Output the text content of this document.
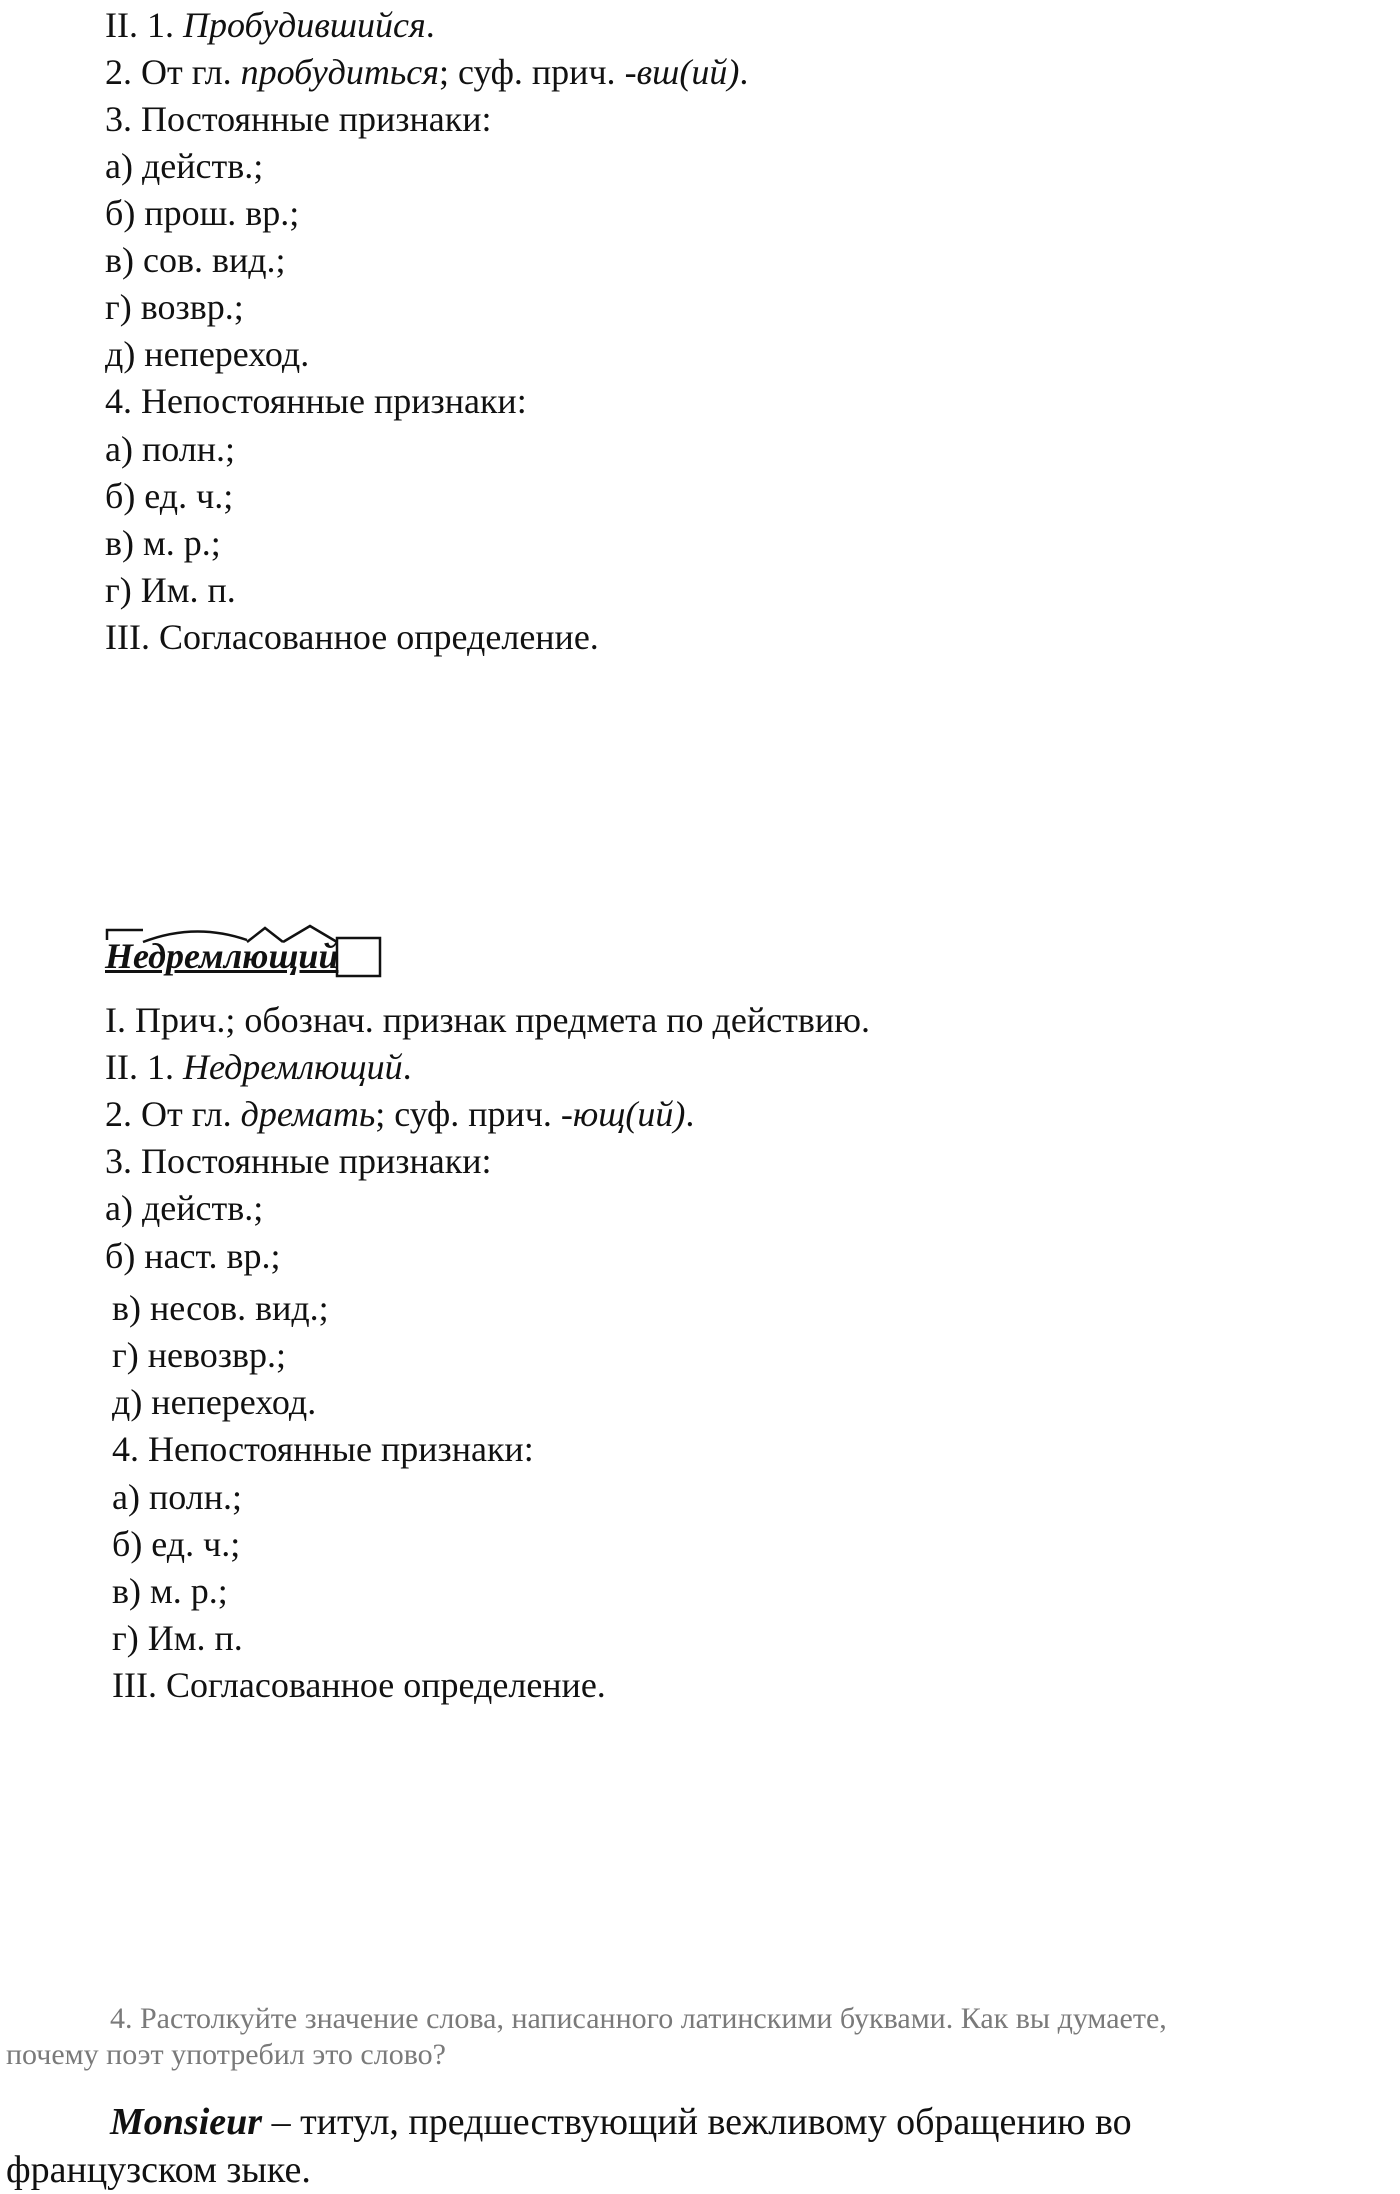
II. 1. Пробудившийся.
2. От гл. пробудиться; суф. прич. -вш(ий).
3. Постоянные признаки:
а) действ.;
б) прош. вр.;
в) сов. вид.;
г) возвр.;
д) непереход.
4. Непостоянные признаки:
а) полн.;
б) ед. ч.;
в) м. р.;
г) Им. п.
III. Согласованное определение.
Недремлющий
I. Прич.; обознач. признак предмета по действию.
II. 1. Недремлющий.
2. От гл. дремать; суф. прич. -ющ(ий).
3. Постоянные признаки:
а) действ.;
б) наст. вр.;
в) несов. вид.;
г) невозвр.;
д) непереход.
4. Непостоянные признаки:
а) полн.;
б) ед. ч.;
в) м. р.;
г) Им. п.
III. Согласованное определение.
4. Растолкуйте значение слова, написанного латинскими буквами. Как вы думаете,
почему поэт употребил это слово?
Monsieur – титул, предшествующий вежливому обращению во
французском зыке.
